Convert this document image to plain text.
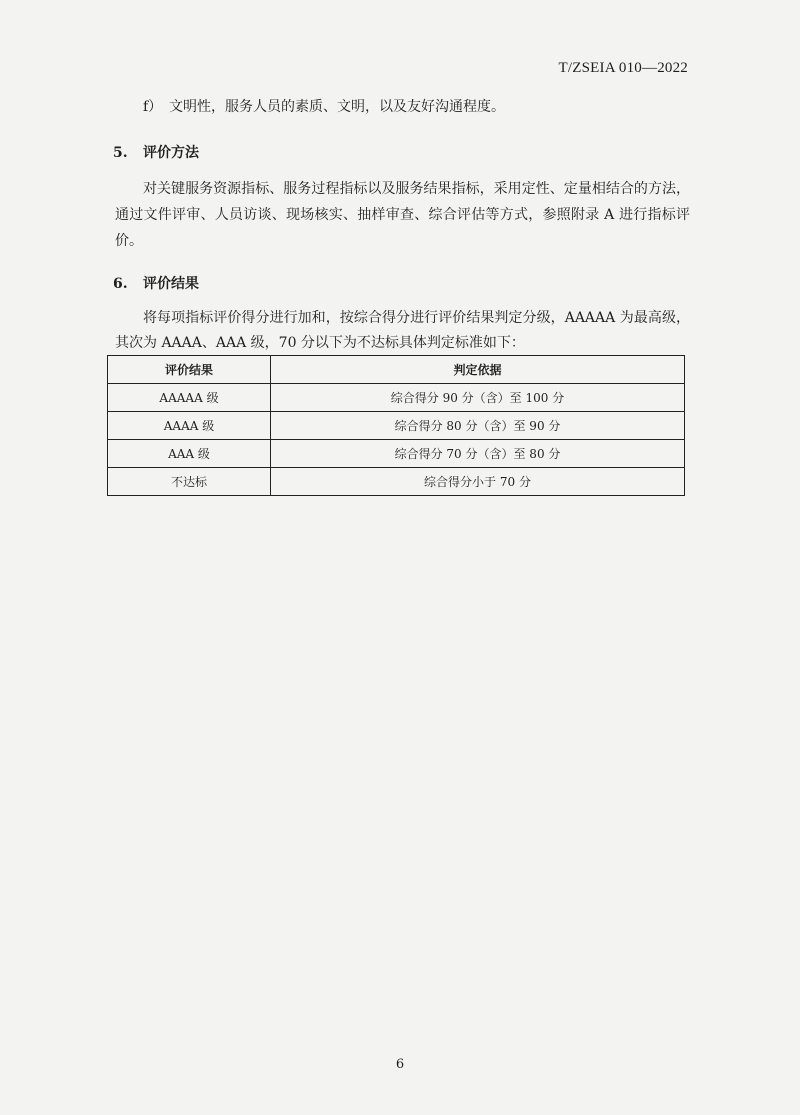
T/ZSEIA 010—2022
f） 文明性，服务人员的素质、文明，以及友好沟通程度。
5. 评价方法
对关键服务资源指标、服务过程指标以及服务结果指标，采用定性、定量相结合的方法，通过文件评审、人员访谈、现场核实、抽样审查、综合评估等方式，参照附录 A 进行指标评价。
6. 评价结果
将每项指标评价得分进行加和，按综合得分进行评价结果判定分级，AAAAA 为最高级，其次为 AAAA、AAA 级，70 分以下为不达标具体判定标准如下：
评价结果	判定依据
AAAAA 级	综合得分 90 分（含）至 100 分
AAAA 级	综合得分 80 分（含）至 90 分
AAA 级	综合得分 70 分（含）至 80 分
不达标	综合得分小于 70 分
6
